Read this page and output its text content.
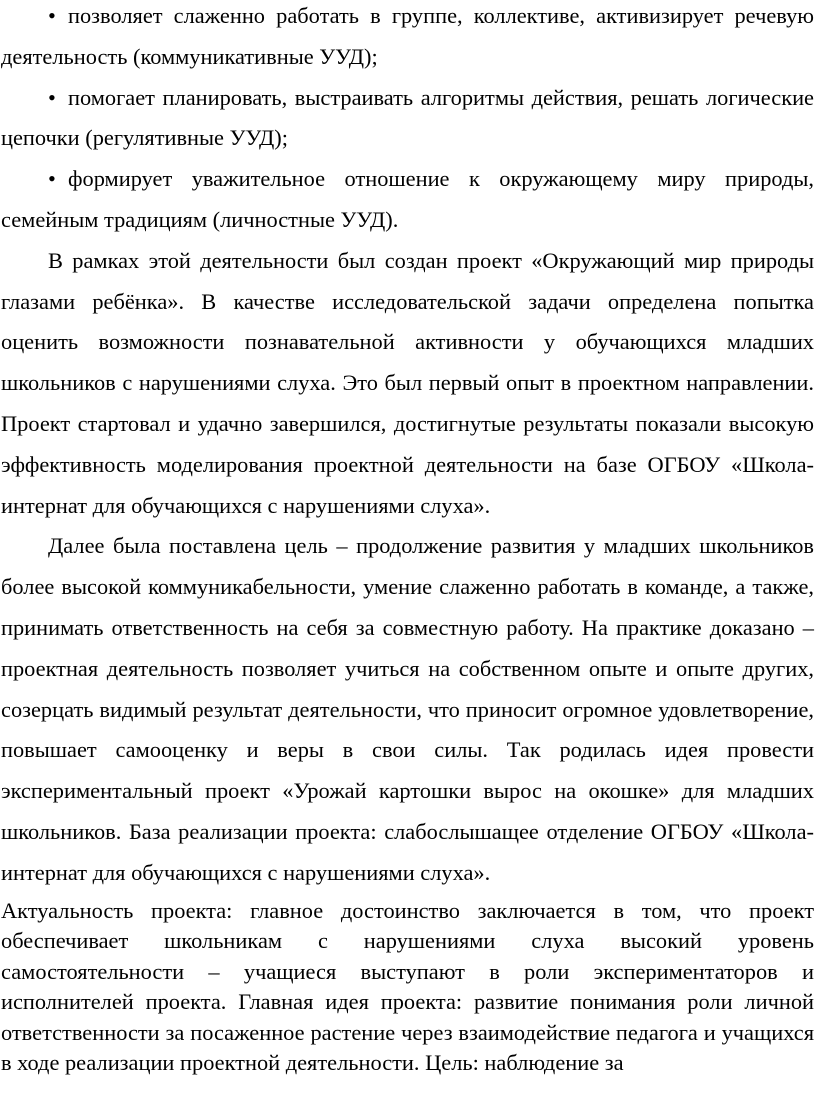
• позволяет слаженно работать в группе, коллективе, активизирует речевую деятельность (коммуникативные УУД);

• помогает планировать, выстраивать алгоритмы действия, решать логические цепочки (регулятивные УУД);

• формирует уважительное отношение к окружающему миру природы, семейным традициям (личностные УУД).

В рамках этой деятельности был создан проект «Окружающий мир природы глазами ребёнка». В качестве исследовательской задачи определена попытка оценить возможности познавательной активности у обучающихся младших школьников с нарушениями слуха. Это был первый опыт в проектном направлении. Проект стартовал и удачно завершился, достигнутые результаты показали высокую эффективность моделирования проектной деятельности на базе ОГБОУ «Школа-интернат для обучающихся с нарушениями слуха».

Далее была поставлена цель – продолжение развития у младших школьников более высокой коммуникабельности, умение слаженно работать в команде, а также, принимать ответственность на себя за совместную работу. На практике доказано – проектная деятельность позволяет учиться на собственном опыте и опыте других, созерцать видимый результат деятельности, что приносит огромное удовлетворение, повышает самооценку и веры в свои силы. Так родилась идея провести экспериментальный проект «Урожай картошки вырос на окошке» для младших школьников. База реализации проекта: слабослышащее отделение ОГБОУ «Школа-интернат для обучающихся с нарушениями слуха».

Актуальность проекта: главное достоинство заключается в том, что проект обеспечивает школьникам с нарушениями слуха высокий уровень самостоятельности – учащиеся выступают в роли экспериментаторов и исполнителей проекта. Главная идея проекта: развитие понимания роли личной ответственности за посаженное растение через взаимодействие педагога и учащихся в ходе реализации проектной деятельности. Цель: наблюдение за
